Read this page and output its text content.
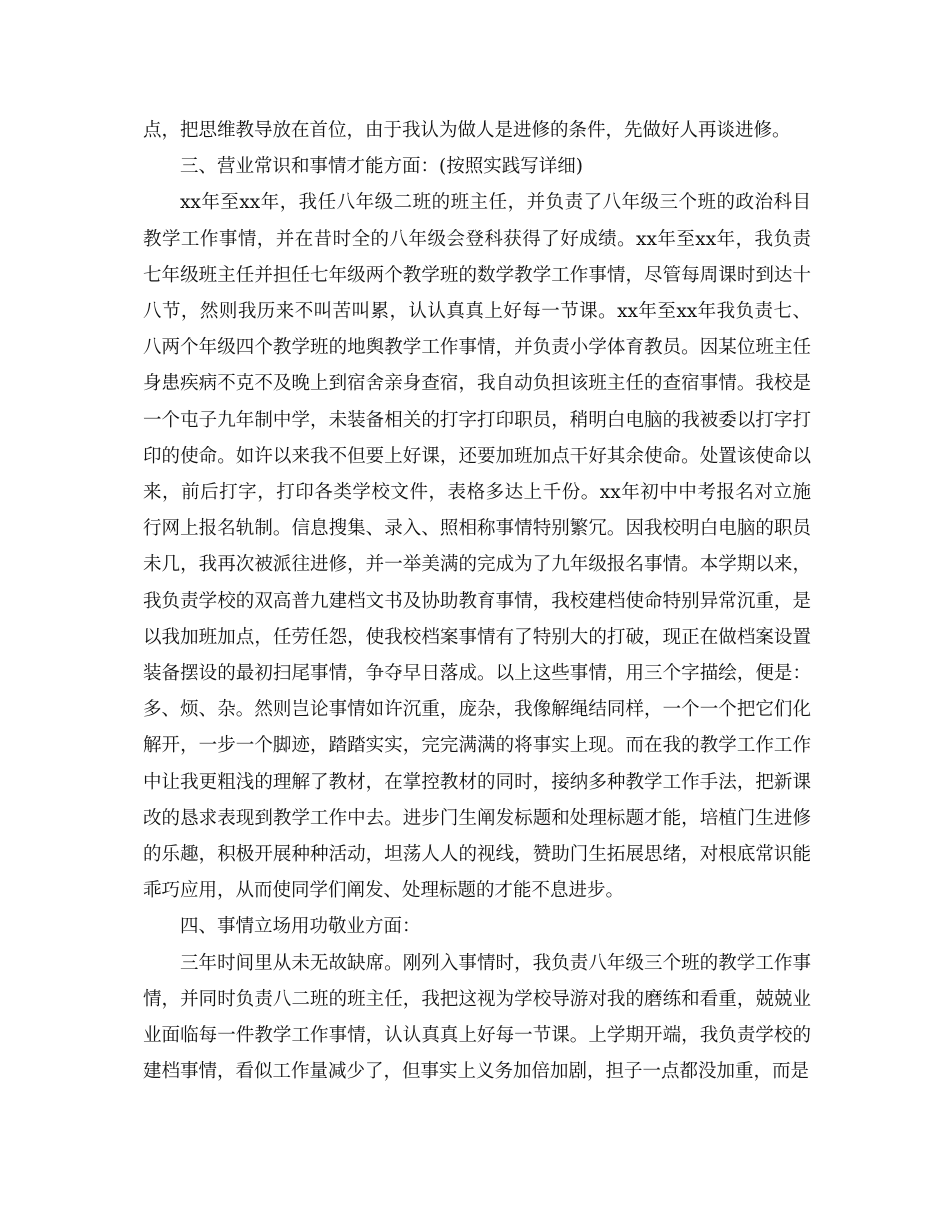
点，把思维教导放在首位，由于我认为做人是进修的条件，先做好人再谈进修。

三、营业常识和事情才能方面：(按照实践写详细)

xx年至xx年，我任八年级二班的班主任，并负责了八年级三个班的政治科目教学工作事情，并在昔时全的八年级会登科获得了好成绩。xx年至xx年，我负责七年级班主任并担任七年级两个教学班的数学教学工作事情，尽管每周课时到达十八节，然则我历来不叫苦叫累，认认真真上好每一节课。xx年至xx年我负责七、八两个年级四个教学班的地舆教学工作事情，并负责小学体育教员。因某位班主任身患疾病不克不及晚上到宿舍亲身查宿，我自动负担该班主任的查宿事情。我校是一个屯子九年制中学，未装备相关的打字打印职员，稍明白电脑的我被委以打字打印的使命。如许以来我不但要上好课，还要加班加点干好其余使命。处置该使命以来，前后打字，打印各类学校文件，表格多达上千份。xx年初中中考报名对立施行网上报名轨制。信息搜集、录入、照相称事情特别繁冗。因我校明白电脑的职员未几，我再次被派往进修，并一举美满的完成为了九年级报名事情。本学期以来，我负责学校的双高普九建档文书及协助教育事情，我校建档使命特别异常沉重，是以我加班加点，任劳任怨，使我校档案事情有了特别大的打破，现正在做档案设置装备摆设的最初扫尾事情，争夺早日落成。以上这些事情，用三个字描绘，便是：多、烦、杂。然则岂论事情如许沉重，庞杂，我像解绳结同样，一个一个把它们化解开，一步一个脚迹，踏踏实实，完完满满的将事实上现。而在我的教学工作工作中让我更粗浅的理解了教材，在掌控教材的同时，接纳多种教学工作手法，把新课改的恳求表现到教学工作中去。进步门生阐发标题和处理标题才能，培植门生进修的乐趣，积极开展种种活动，坦荡人人的视线，赞助门生拓展思绪，对根底常识能乖巧应用，从而使同学们阐发、处理标题的才能不息进步。

四、事情立场用功敬业方面：

三年时间里从未无故缺席。刚列入事情时，我负责八年级三个班的教学工作事情，并同时负责八二班的班主任，我把这视为学校导游对我的磨练和看重，兢兢业业面临每一件教学工作事情，认认真真上好每一节课。上学期开端，我负责学校的建档事情，看似工作量减少了，但事实上义务加倍加剧，担子一点都没加重，而是
